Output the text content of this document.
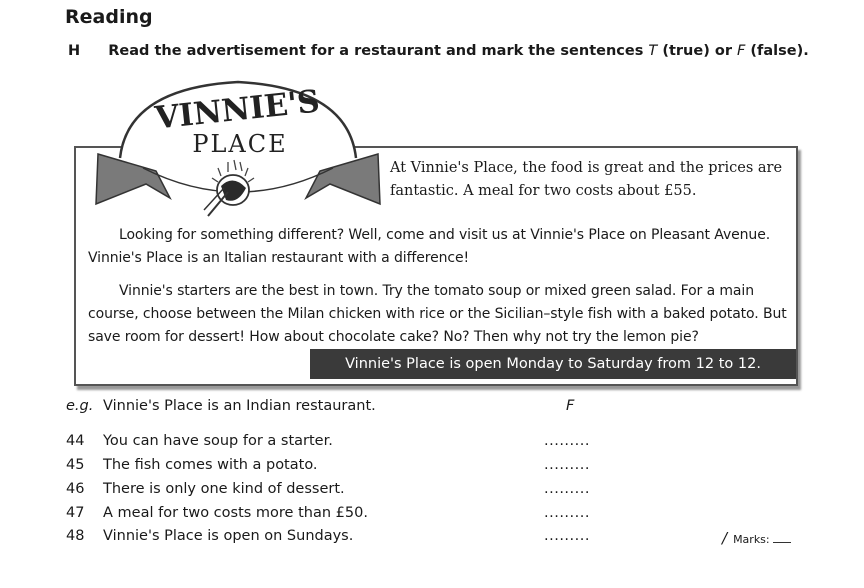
Reading
H Read the advertisement for a restaurant and mark the sentences T (true) or F (false).
VINNIE'S
PLACE
At Vinnie's Place, the food is great and the prices are fantastic. A meal for two costs about £55.
Looking for something different? Well, come and visit us at Vinnie's Place on Pleasant Avenue. Vinnie's Place is an Italian restaurant with a difference!
Vinnie's starters are the best in town. Try the tomato soup or mixed green salad. For a main course, choose between the Milan chicken with rice or the Sicilian–style fish with a baked potato. But save room for dessert! How about chocolate cake? No? Then why not try the lemon pie?
Vinnie's Place is open Monday to Saturday from 12 to 12.
e.g. Vinnie's Place is an Indian restaurant.	F
44 You can have soup for a starter.	.........
45 The fish comes with a potato.	.........
46 There is only one kind of dessert.	.........
47 A meal for two costs more than £50.	.........
48 Vinnie's Place is open on Sundays.	.........	/ Marks:
